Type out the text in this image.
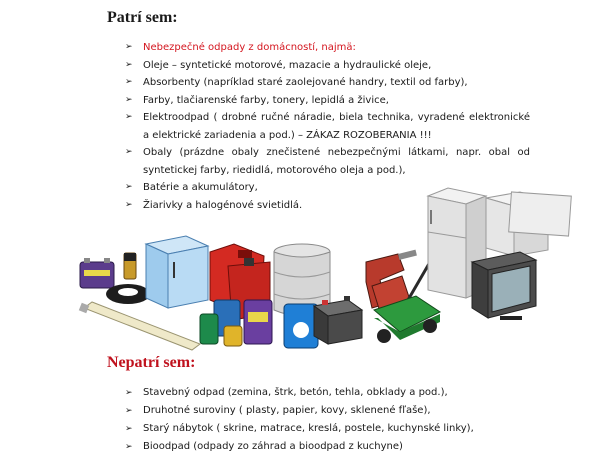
Patrí sem:
➢ Nebezpečné odpady z domácností, najmä:
➢ Oleje – syntetické motorové, mazacie a hydraulické oleje,
➢ Absorbenty (napríklad staré zaolejované handry, textil od farby),
➢ Farby, tlačiarenské farby, tonery, lepidlá a živice,
➢ Elektroodpad ( drobné ručné náradie, biela technika, vyradené elektronické a elektrické zariadenia a pod.) – ZÁKAZ ROZOBERANIA !!!
➢ Obaly (prázdne obaly znečistené nebezpečnými látkami, napr. obal od syntetickej farby, riedidlá, motorového oleja a pod.),
➢ Batérie a akumulátory,
➢ Žiarivky a halogénové svietidlá.
Nepatrí sem:
➢ Stavebný odpad (zemina, štrk, betón, tehla, obklady a pod.),
➢ Druhotné suroviny ( plasty, papier, kovy, sklenené fľaše),
➢ Starý nábytok ( skrine, matrace, kreslá, postele, kuchynské linky),
➢ Bioodpad (odpady zo záhrad a bioodpad z kuchyne)
